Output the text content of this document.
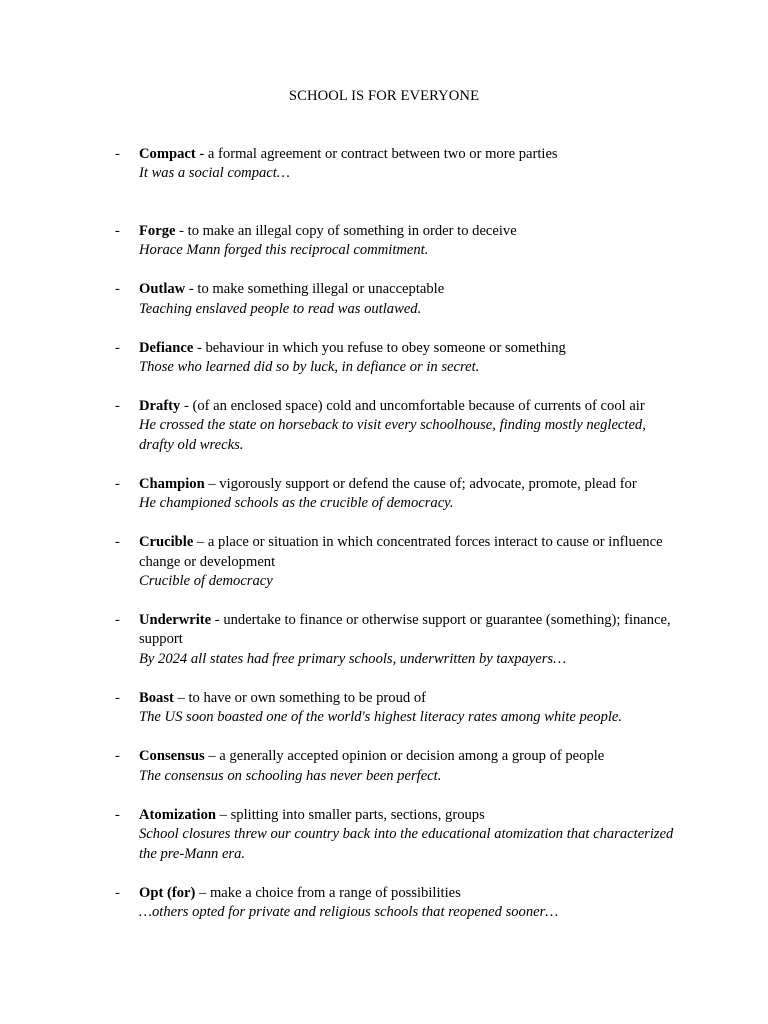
SCHOOL IS FOR EVERYONE
- Compact - a formal agreement or contract between two or more parties
It was a social compact…
- Forge - to make an illegal copy of something in order to deceive
Horace Mann forged this reciprocal commitment.
- Outlaw - to make something illegal or unacceptable
Teaching enslaved people to read was outlawed.
- Defiance - behaviour in which you refuse to obey someone or something
Those who learned did so by luck, in defiance or in secret.
- Drafty - (of an enclosed space) cold and uncomfortable because of currents of cool air
He crossed the state on horseback to visit every schoolhouse, finding mostly neglected, drafty old wrecks.
- Champion – vigorously support or defend the cause of; advocate, promote, plead for
He championed schools as the crucible of democracy.
- Crucible – a place or situation in which concentrated forces interact to cause or influence change or development
Crucible of democracy
- Underwrite - undertake to finance or otherwise support or guarantee (something); finance, support
By 2024 all states had free primary schools, underwritten by taxpayers…
- Boast – to have or own something to be proud of
The US soon boasted one of the world's highest literacy rates among white people.
- Consensus – a generally accepted opinion or decision among a group of people
The consensus on schooling has never been perfect.
- Atomization – splitting into smaller parts, sections, groups
School closures threw our country back into the educational atomization that characterized the pre-Mann era.
- Opt (for) – make a choice from a range of possibilities
…others opted for private and religious schools that reopened sooner…
